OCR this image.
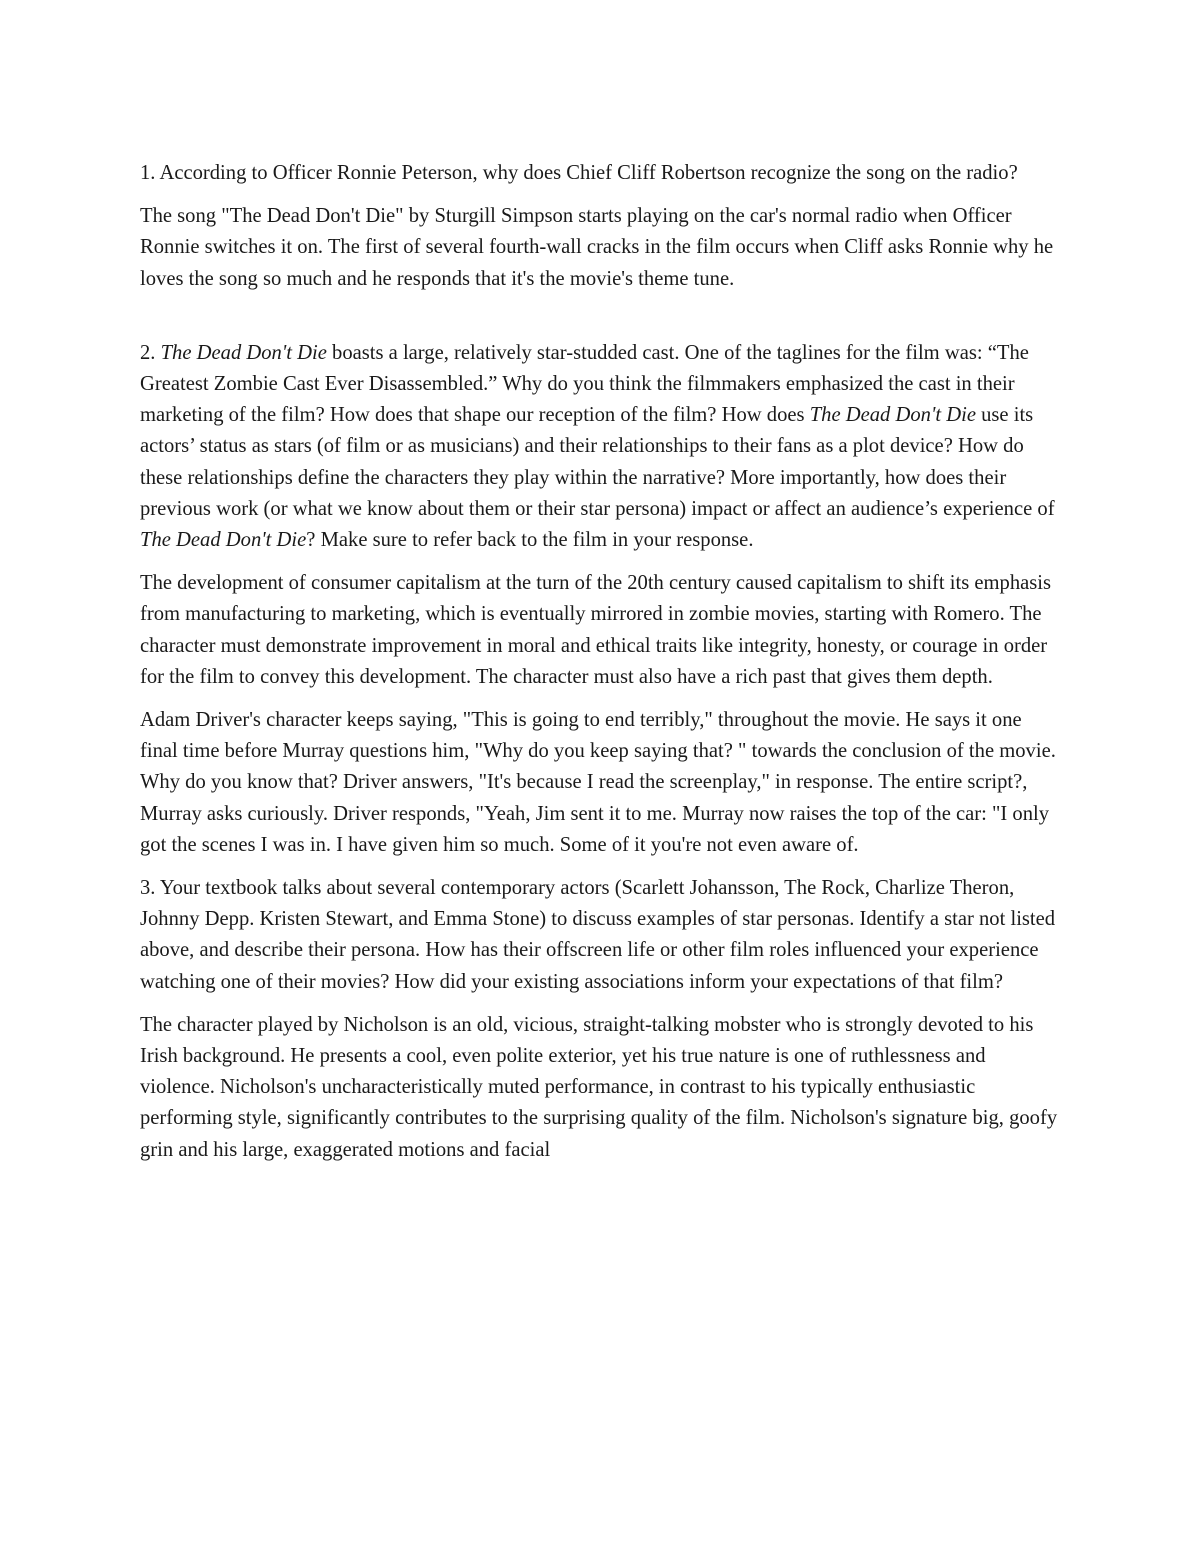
1. According to Officer Ronnie Peterson, why does Chief Cliff Robertson recognize the song on the radio?

The song "The Dead Don't Die" by Sturgill Simpson starts playing on the car's normal radio when Officer Ronnie switches it on. The first of several fourth-wall cracks in the film occurs when Cliff asks Ronnie why he loves the song so much and he responds that it's the movie's theme tune.

2. The Dead Don't Die boasts a large, relatively star-studded cast. One of the taglines for the film was: “The Greatest Zombie Cast Ever Disassembled.” Why do you think the filmmakers emphasized the cast in their marketing of the film? How does that shape our reception of the film? How does The Dead Don't Die use its actors’ status as stars (of film or as musicians) and their relationships to their fans as a plot device? How do these relationships define the characters they play within the narrative? More importantly, how does their previous work (or what we know about them or their star persona) impact or affect an audience’s experience of The Dead Don't Die? Make sure to refer back to the film in your response.

The development of consumer capitalism at the turn of the 20th century caused capitalism to shift its emphasis from manufacturing to marketing, which is eventually mirrored in zombie movies, starting with Romero. The character must demonstrate improvement in moral and ethical traits like integrity, honesty, or courage in order for the film to convey this development. The character must also have a rich past that gives them depth.

Adam Driver's character keeps saying, "This is going to end terribly," throughout the movie. He says it one final time before Murray questions him, "Why do you keep saying that? " towards the conclusion of the movie. Why do you know that? Driver answers, "It's because I read the screenplay," in response. The entire script?, Murray asks curiously. Driver responds, "Yeah, Jim sent it to me. Murray now raises the top of the car: "I only got the scenes I was in. I have given him so much. Some of it you're not even aware of.

3. Your textbook talks about several contemporary actors (Scarlett Johansson, The Rock, Charlize Theron, Johnny Depp. Kristen Stewart, and Emma Stone) to discuss examples of star personas. Identify a star not listed above, and describe their persona. How has their offscreen life or other film roles influenced your experience watching one of their movies? How did your existing associations inform your expectations of that film?

The character played by Nicholson is an old, vicious, straight-talking mobster who is strongly devoted to his Irish background. He presents a cool, even polite exterior, yet his true nature is one of ruthlessness and violence. Nicholson's uncharacteristically muted performance, in contrast to his typically enthusiastic performing style, significantly contributes to the surprising quality of the film. Nicholson's signature big, goofy grin and his large, exaggerated motions and facial
